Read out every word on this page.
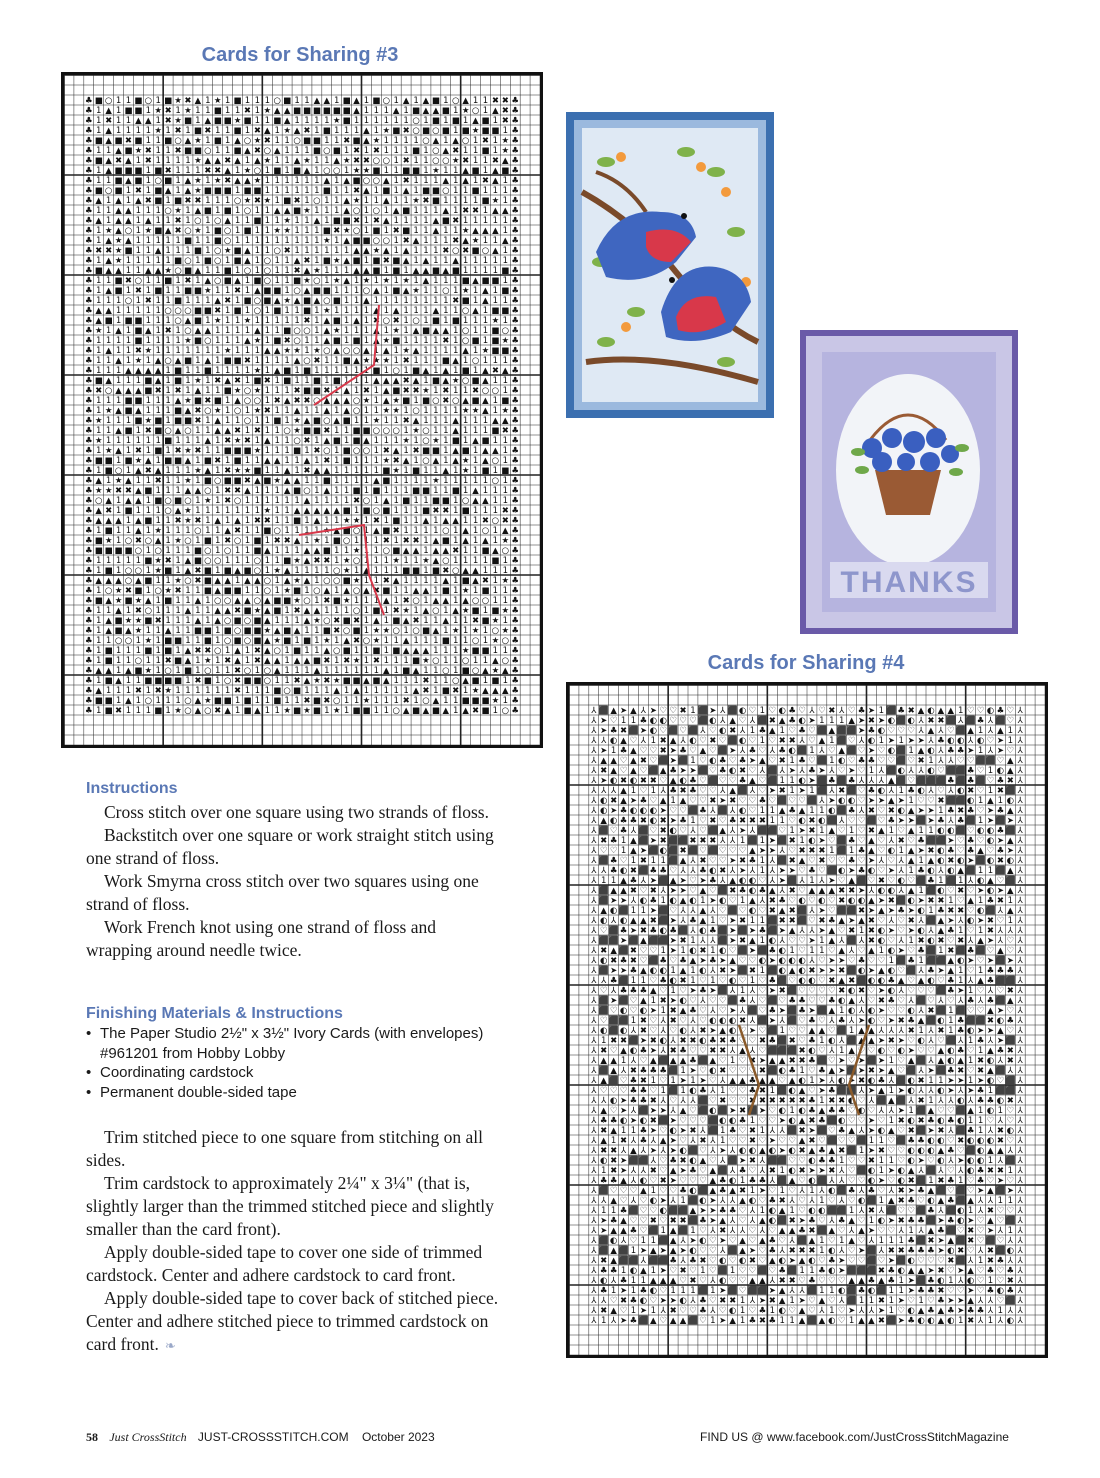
Cards for Sharing #3
♣ ■ ○ 1 1 ■ ○ 1 ■ ★ ✖ ▲ 1 ★ 1 ■ 1 1 1 ○ ■ 1 1 ▲ ▲ 1 ■ ▲ 1 ■ ○ 1 ▲ 1 ▲ ■ 1 ○ ▲ 1 1 ✖ ✖ ♣
♣ 1 ▲ 1 ■ ■ 1 ★ ✖ 1 ★ 1 1 ■ 1 1 ✖ 1 ★ ▲ ▲ ■ ■ ■ ■ ■ ■ ▲ 1 1 1 ▲ 1 ■ ▲ ▲ ■ 1 ★ ○ 1 ▲ ✖ ♣
♣ 1 ✖ 1 1 ▲ ▲ 1 ✖ ★ ■ 1 ▲ ■ ■ ★ ■ 1 1 ■ ▲ 1 1 1 1 ★ ■ 1 1 1 1 1 1 ○ 1 ■ 1 ■ 1 ▲ ■ 1 ✖ ♣
♣ 1 ▲ 1 1 1 1 ★ 1 ✖ 1 ■ ✖ 1 1 ■ 1 ✖ ▲ 1 ★ ▲ ✖ 1 ■ 1 1 1 ▲ 1 ★ ■ ✖ ○ ■ ○ ■ 1 ■ ★ ■ ■ 1 ♣
♣ ■ ▲ ■ ✖ ■ 1 1 ■ ○ ▲ ★ 1 ■ 1 ▲ ○ ★ ✖ 1 1 ○ ■ ■ 1 1 ✖ ■ ▲ ★ 1 1 1 1 ○ ▲ 1 ▲ ○ 1 ✖ 1 ★ ♣
♣ 1 1 ▲ ■ ★ ✖ 1 1 ✖ ■ ■ ○ 1 1 ■ ▲ ✖ ○ ▲ 1 1 1 ■ ○ ■ 1 ✖ 1 ✖ 1 1 1 ■ 1 ○ ▲ ✖ 1 1 ■ 1 ★ ♣
♣ ■ ▲ ✖ ▲ 1 ✖ 1 1 1 1 ★ ▲ ▲ ✖ ▲ 1 ▲ ★ 1 1 ▲ ★ 1 1 ▲ ★ ✖ ✖ ○ ○ 1 ✖ 1 1 ○ ○ ★ ✖ 1 1 ✖ ▲ ♣
♣ 1 ▲ ■ ■ ■ 1 ■ ✖ 1 1 1 ✖ ✖ ▲ 1 ★ ○ 1 ■ 1 ■ ▲ 1 ○ ○ 1 ★ ★ ■ 1 1 ■ ■ 1 ★ 1 1 ▲ ■ 1 ▲ ■ ♣
♣ 1 1 ■ ▲ ■ 1 ○ ■ 1 ▲ ★ 1 ★ ✖ ▲ ▲ ★ 1 1 1 1 1 1 ▲ 1 ▲ ■ ○ ○ ▲ 1 ✖ 1 1 1 ▲ 1 ▲ 1 ✖ ▲ 1 ♣
♣ ■ ○ ■ 1 ✖ 1 ■ ▲ 1 ▲ ★ ■ ■ ■ 1 ■ ■ 1 1 1 1 1 1 ■ 1 1 ✖ ▲ 1 ■ 1 ▲ 1 ■ ■ ○ 1 1 ■ 1 1 1 ♣
♣ ▲ 1 ▲ 1 ▲ ✖ ■ 1 ■ ✖ ✖ 1 1 1 ○ ★ ✖ ★ 1 ■ ✖ 1 ○ 1 1 ▲ ★ 1 1 ▲ 1 1 ★ ✖ ■ 1 1 1 1 ■ ★ 1 ♣
♣ 1 1 ▲ ▲ 1 1 1 ○ ★ 1 ▲ ■ 1 ■ 1 ○ 1 1 ▲ ▲ ■ ★ 1 1 1 ▲ ○ 1 ○ 1 ▲ ■ 1 1 1 ▲ 1 ✖ ✖ 1 ▲ ▲ ♣
♣ ▲ 1 ▲ ▲ 1 ▲ 1 1 ✖ 1 ○ 1 ○ ▲ 1 1 ■ 1 1 ★ 1 1 ▲ 1 ■ ■ ✖ 1 ✖ ▲ 1 1 1 1 ▲ ■ ✖ 1 1 1 1 1 ♣
♣ 1 ★ ▲ ○ 1 ★ ■ ▲ ✖ ○ ★ 1 ■ ○ 1 ■ 1 1 ★ ★ 1 1 1 ■ ✖ ★ ○ 1 ■ 1 ✖ ■ 1 1 ▲ 1 1 ★ ▲ ▲ ▲ 1 ♣
♣ 1 ▲ ★ ▲ 1 1 1 1 1 ■ 1 1 ■ ○ 1 1 1 1 1 1 1 1 1 ★ 1 ▲ ■ ■ ○ ○ 1 ✖ ▲ 1 1 1 ✖ ▲ ★ 1 1 ▲ ♣
♣ ✖ ✖ ★ ■ 1 1 ▲ 1 1 1 ■ 1 ○ ★ ■ ▲ 1 1 ○ ✖ 1 1 1 1 1 1 ▲ ▲ ★ ▲ 1 ▲ 1 1 1 ✖ ○ ✖ ■ ○ ▲ 1 ♣
♣ 1 ▲ ★ 1 1 1 1 1 ■ ○ 1 ■ ○ 1 ■ ▲ 1 ○ 1 1 ▲ ✖ 1 ■ ★ ▲ ■ 1 ■ ✖ ■ ▲ 1 ▲ 1 1 ▲ 1 1 1 1 1 ♣
♣ ■ ▲ ▲ 1 1 ▲ ▲ ★ ○ ■ ▲ 1 1 ■ 1 ○ 1 ○ 1 1 ✖ ▲ ★ 1 1 1 ▲ ▲ ■ 1 ■ 1 ▲ ▲ ■ ▲ ■ 1 1 1 1 ■ ♣
♣ 1 1 ■ ✖ ○ 1 1 ■ 1 ✖ 1 ▲ ○ ■ ▲ 1 ■ ○ 1 1 ■ ★ ○ 1 ★ ▲ 1 ★ 1 ★ 1 ★ 1 ▲ 1 1 1 ■ ▲ ■ ■ 1 ♣
♣ 1 ▲ ■ 1 ✖ 1 ■ 1 1 ■ ■ ★ 1 1 ✖ 1 ▲ ■ ■ 1 ○ ▲ ■ ■ 1 1 1 ○ ▲ 1 ■ ▲ ★ 1 1 ○ 1 ★ 1 ▲ 1 ■ ♣
♣ 1 1 1 ○ 1 ✖ 1 1 ■ 1 1 1 ▲ ✖ 1 ■ ○ ■ ▲ ★ ▲ ■ ▲ ○ ■ 1 1 ▲ 1 1 1 1 1 1 1 1 ✖ ■ 1 ▲ 1 1 ♣
♣ ▲ ▲ 1 1 1 1 1 ○ ○ ○ ■ ■ ✖ 1 ■ 1 ○ 1 ■ 1 1 ■ 1 ★ 1 1 1 1 ▲ 1 ▲ 1 1 1 ▲ 1 1 ○ ▲ 1 ■ ■ ♣
♣ ▲ ■ 1 ■ ■ 1 1 1 ○ ▲ ■ 1 ★ 1 1 ★ 1 1 1 1 1 ✖ 1 ▲ ■ 1 ▲ 1 ✖ ○ ✖ 1 ○ 1 ■ 1 ■ 1 1 1 ★ 1 ♣
♣ ★ 1 ▲ 1 ■ ▲ 1 ✖ 1 ○ ▲ ▲ 1 1 1 1 ▲ 1 1 ■ ○ ○ 1 ▲ ★ 1 1 1 ▲ 1 ★ 1 ▲ ■ ▲ ▲ 1 ○ 1 1 ■ ○ ♣
♣ 1 1 1 1 ■ 1 1 1 1 ★ ■ ○ 1 1 1 ▲ ★ 1 ■ ✖ ○ 1 1 ▲ ■ 1 ■ 1 ▲ ★ ■ 1 1 1 1 ✖ 1 ○ ■ 1 ■ ★ ♣
♣ 1 ▲ 1 1 ✖ ★ 1 1 1 1 1 1 1 ★ 1 1 1 ▲ ▲ ★ ★ 1 ★ ○ ▲ ○ ○ ▲ 1 ▲ 1 ★ ▲ 1 1 1 1 ▲ 1 ★ ■ ■ ♣
♣ 1 1 ▲ 1 ★ 1 ▲ ○ ▲ ■ 1 ▲ 1 ■ ■ ✖ 1 1 1 1 ▲ ○ ✖ 1 1 ■ ▲ ★ ★ ★ 1 ✖ 1 1 1 ■ ▲ 1 ○ 1 1 1 ♣
♣ 1 1 1 ▲ ▲ ▲ ▲ 1 ■ 1 1 ■ 1 1 1 1 ★ 1 ▲ ■ 1 ■ 1 1 1 1 1 1 ■ 1 ○ 1 ■ ▲ 1 ▲ 1 ■ 1 ▲ ✖ ▲ ♣
♣ ■ ▲ 1 1 1 ■ ▲ 1 ■ 1 ★ 1 ✖ ▲ ✖ 1 ■ ✖ 1 ■ 1 1 ■ 1 ■ 1 1 1 ▲ ▲ ▲ ✖ ▲ 1 ■ ▲ ★ ○ ■ ▲ 1 1 ♣
♣ ✖ ○ ▲ ▲ ▲ ■ ✖ 1 ✖ 1 ▲ 1 1 ■ ★ ○ ★ 1 1 1 ✖ ■ ■ ✖ 1 ▲ 1 ✖ 1 ▲ ■ ✖ ✖ ★ 1 ✖ 1 1 ✖ ○ ○ 1 ♣
♣ 1 1 1 ■ ■ 1 1 1 ▲ ★ ■ ✖ ■ 1 ▲ ○ ○ 1 ✖ ▲ ✖ ✖ ○ ▲ ▲ ▲ ○ ★ 1 ▲ ★ ■ 1 ■ ○ ✖ ○ ▲ ■ ▲ 1 ■ ♣
♣ 1 ★ ▲ ■ ▲ 1 1 1 ■ ▲ ✖ ○ ★ 1 ○ 1 ★ ✖ 1 1 ▲ 1 1 ▲ 1 ▲ ○ 1 1 ★ ★ 1 ○ 1 1 1 1 ★ ★ ▲ 1 ★ ♣
♣ ★ 1 1 1 ■ ★ ■ 1 ■ ■ ✖ 1 ▲ 1 1 ○ 1 1 ■ 1 ★ ▲ ■ ○ ▲ ■ 1 1 ★ 1 1 ✖ ▲ 1 1 1 ▲ 1 1 1 ▲ ▲ ♣
♣ 1 1 ▲ ■ 1 ✖ ■ ○ ▲ ○ 1 1 ▲ ▲ ✖ 1 ✖ 1 1 ○ ★ ■ ■ ✖ 1 1 ■ ■ ○ ○ ○ 1 ★ ○ 1 1 ▲ 1 1 1 ■ ✖ ♣
♣ ★ 1 1 1 1 1 1 ■ 1 1 1 ▲ 1 ✖ ★ ✖ 1 ▲ 1 1 ○ ✖ 1 ▲ ■ 1 ■ ▲ 1 1 1 ★ 1 ○ ★ 1 ■ 1 ▲ ■ 1 1 ♣
♣ 1 ★ ▲ 1 ✖ 1 ■ 1 ✖ ★ ✖ 1 1 ■ ■ ■ ★ 1 1 1 ■ 1 ✖ ○ 1 ■ ○ ○ 1 ✖ ▲ 1 ✖ ■ ■ 1 ▲ ■ 1 ▲ ▲ 1 ♣
♣ ■ ■ 1 ■ ★ ▲ 1 ■ ■ ▲ 1 ■ ✖ 1 ■ 1 1 ▲ ▲ 1 1 ▲ 1 ✖ 1 ■ 1 1 1 ★ ✖ ▲ 1 ○ ▲ 1 ▲ ★ 1 ▲ ○ 1 ♣
♣ 1 ■ ○ 1 ▲ ✖ ▲ 1 1 1 ★ ▲ 1 ✖ ★ ★ ■ 1 1 ▲ 1 ✖ ▲ ▲ 1 1 1 1 1 ■ ★ 1 ■ 1 1 ▲ 1 ★ 1 ■ 1 ■ ♣
♣ ▲ 1 ★ ▲ 1 1 ✖ 1 1 ★ 1 ■ ○ ■ ■ ✖ ▲ ■ ★ ▲ ▲ 1 1 ■ 1 1 1 1 ▲ ■ 1 1 1 1 ★ 1 1 1 1 1 ○ 1 ♣
♣ ★ ★ ✖ ✖ ▲ ■ 1 1 1 ▲ ▲ ○ 1 ✖ ✖ ▲ 1 1 1 ▲ ■ ○ 1 ▲ 1 1 ■ 1 ■ 1 1 1 ■ ■ 1 1 ■ 1 ▲ 1 1 1 ♣
♣ ○ ▲ 1 ▲ ▲ 1 ■ ○ ■ ○ 1 ★ 1 ✖ ○ 1 1 1 1 1 1 ▲ 1 1 1 1 ✖ ○ 1 ▲ 1 ■ 1 1 ■ ■ 1 ○ ▲ ▲ 1 1 ♣
♣ ▲ ✖ 1 ■ 1 1 1 ○ ▲ ★ 1 1 1 1 1 1 1 ★ 1 1 ▲ ▲ ▲ ▲ ▲ ■ 1 ■ ○ ■ 1 1 1 ■ ✖ ✖ 1 ■ 1 1 1 ✖ ♣
♣ ▲ ▲ ▲ 1 ▲ ■ 1 1 ✖ ★ ✖ 1 ▲ 1 ▲ 1 ✖ ✖ 1 1 ■ 1 ▲ 1 1 ★ ★ 1 ✖ 1 ■ 1 1 ▲ 1 ▲ ▲ 1 1 ✖ ○ ✖ ♣
♣ 1 ■ 1 1 ▲ 1 ★ 1 1 1 ○ 1 1 ▲ ✖ 1 1 ■ ○ 1 1 1 1 ★ ▲ ■ ○ 1 ▲ ■ ✖ 1 1 1 1 ○ 1 ▲ 1 ○ 1 ▲ ♣
♣ ■ ★ 1 ○ ✖ ○ ▲ 1 ★ ○ 1 ■ 1 ✖ ○ 1 ■ 1 ✖ ✖ ▲ 1 ★ 1 ■ ○ 1 1 1 ✖ 1 ✖ ✖ 1 ▲ ■ 1 ▲ 1 ▲ 1 ★ ♣
♣ ■ ■ ■ ■ ○ 1 ○ 1 1 1 ■ ○ 1 ○ 1 1 ■ ▲ 1 1 1 ▲ ▲ ■ 1 1 ★ 1 1 ○ ■ ▲ ▲ 1 ▲ ▲ ✖ 1 1 ■ ▲ ○ ♣
♣ 1 1 1 1 1 ■ ★ ✖ 1 ▲ ■ ○ ○ 1 1 1 ○ 1 1 ■ ★ ▲ ✖ ✖ 1 ★ ○ 1 1 1 ★ 1 1 ★ ▲ ○ 1 1 1 1 ■ 1 ♣
♣ 1 ■ 1 ○ ○ 1 ★ ■ 1 ▲ ✖ ■ 1 ■ ▲ ■ ○ 1 ★ ▲ 1 1 1 1 ○ ★ 1 ▲ 1 1 1 ■ ■ 1 ■ ✖ ○ ▲ ▲ 1 1 1 ♣
♣ ▲ ▲ ▲ ○ ▲ ■ 1 1 ★ ○ ✖ ■ ▲ ▲ 1 ▲ ▲ ○ 1 ▲ ★ ▲ 1 ○ ○ ■ ★ 1 1 ✖ ▲ 1 1 1 1 ▲ 1 ■ ▲ ✖ 1 ★ ♣
♣ 1 ○ ★ ✖ ■ 1 ○ ★ ✖ 1 1 ■ ▲ ■ ■ 1 1 ○ 1 ★ ■ 1 ○ ▲ 1 ▲ ○ ▲ ✖ ■ 1 1 ▲ ▲ 1 ■ 1 ★ 1 ■ 1 1 ♣
♣ ■ ▲ ★ ■ ★ ▲ 1 ■ 1 1 ▲ 1 ○ ○ ▲ ▲ ○ ▲ ■ ■ ★ ○ 1 ✖ ■ ★ 1 1 1 ▲ 1 ✖ ○ 1 ▲ ▲ 1 ▲ ○ ○ 1 1 ♣
♣ 1 1 ▲ 1 ✖ ○ 1 1 1 ▲ 1 1 ▲ ▲ ✖ ■ ★ ▲ ■ 1 ✖ ▲ ▲ 1 1 1 ○ 1 ■ 1 ✖ ★ 1 ▲ ○ 1 ▲ ★ ■ 1 ■ ★ ♣
♣ 1 ▲ ■ ★ ★ ■ ✖ 1 1 1 ▲ 1 ▲ ○ ■ ○ ■ ▲ 1 1 1 ▲ ★ ○ ✖ ■ ✖ 1 ▲ 1 ■ ▲ ✖ 1 1 ▲ 1 1 ✖ ■ ★ 1 ♣
♣ 1 ▲ ■ ▲ ★ 1 1 ▲ 1 1 ■ ■ 1 ■ ○ ■ ■ ★ ▲ ■ ▲ 1 1 ■ ✖ ○ ■ 1 ★ ★ ○ 1 ○ ■ ▲ 1 ★ 1 ★ 1 ○ ★ ♣
♣ 1 1 ○ ○ 1 ★ 1 ■ ■ 1 1 ■ 1 ○ ■ ○ ■ ▲ ★ ■ 1 ■ 1 ★ 1 ▲ ✖ ○ ★ 1 1 ▲ 1 1 1 ■ 1 1 ○ 1 ★ ○ ♣
♣ 1 ■ 1 1 1 ■ 1 ■ 1 ▲ ✖ ✖ ○ 1 ▲ 1 ✖ ▲ ○ 1 ■ 1 1 ▲ ○ ■ 1 1 ■ 1 ■ ▲ ▲ ▲ 1 1 1 ★ ■ ■ 1 1 ♣
♣ 1 ■ 1 1 ○ 1 1 ✖ ■ ▲ 1 ★ 1 ✖ ▲ 1 ✖ ▲ ▲ 1 ▲ ▲ ■ ✖ 1 ✖ ★ 1 ✖ 1 1 1 ■ ★ ○ 1 1 ○ 1 1 ▲ ○ ♣
♣ ▲ ▲ 1 ▲ ■ ★ 1 ○ 1 ■ 1 ○ 1 1 ✖ ○ 1 ○ ▲ 1 1 1 ▲ 1 1 1 1 1 1 ▲ 1 ■ ▲ 1 1 ○ 1 ■ ○ ▲ ★ ▲ ♣
♣ 1 ■ ▲ 1 1 ■ ■ ■ ■ 1 ✖ ■ 1 ○ ✖ ■ ■ ○ 1 1 ✖ ▲ ★ ✖ ★ ■ ■ ▲ ■ ▲ 1 1 1 ✖ 1 1 ○ ▲ ■ 1 ■ 1 ♣
♣ ▲ 1 1 1 ✖ 1 ✖ ★ 1 1 1 1 1 1 ✖ 1 1 1 ■ ○ ■ 1 1 1 ▲ 1 ▲ 1 1 1 1 1 ▲ ✖ 1 ■ ✖ 1 ★ ▲ ▲ ▲ ♣
♣ ■ ■ 1 ▲ 1 ○ 1 1 1 ○ ▲ ★ ■ ■ 1 ■ 1 1 ■ 1 1 ✖ ■ ✖ ○ 1 1 ★ 1 1 1 ✖ 1 ○ ▲ 1 1 ■ ■ ■ ★ 1 ♣
♣ 1 ■ ✖ 1 1 1 ■ 1 ★ ○ ▲ ○ ✖ ▲ 1 ■ ▲ 1 1 ★ ■ ★ ■ 1 ★ 1 ■ ■ 1 1 ○ ▲ ■ ▲ ■ ▲ 1 ▲ ✖ ■ 1 ○ ♣
THANKS
Cards for Sharing #4
⅄ ⬛ ▲ ➤ ▲ ⅄ ➤ ♡ ♡ ✖ 1 ⬛ ➤ ⅄ ⬛ ◐ ♡ 1 ♡ ◐ ♣ ♡ ⅄ ♡ ✖ ⅄ ♡ ♣ ➤ 1 ⬛ ♣ ✖ ▲ ◐ ▲ ▲ 1 ♡ ♡ ◐ ♣ ♡ ⅄
⅄ ➤ ♡ 1 1 ♣ ◐ ◐ ♡ ♡ ♡ ⬛ ◐ ⅄ ▲ ♡ ⅄ ⬛ ✖ ▲ ♣ ◐ ➤ 1 1 1 ▲ ➤ ✖ ➤ ◐ ⬛ ◐ ⅄ ✖ ✖ ⬛ ⅄ ⬛ ♣ ⅄ ⬛ ♡ ⅄
⅄ ➤ ♣ ✖ ⬛ ➤ ◐ ♡ ⬛ ♡ ⬛ ⅄ ♡ ◐ ✖ ⅄ 1 ♣ ▲ 1 ♡ ♣ ♡ ⬛ ▲ ⬛ ⬛ ➤ ♣ ◐ ♡ ♡ ♡ ⅄ ▲ ⅄ ♡ ⬛ ▲ 1 ⅄ ▲ 1 ⅄
⅄ ⅄ ◐ ▲ ♡ ⅄ 1 ✖ ▲ ⅄ ◐ ♡ ✖ ♡ ⬛ ◐ ♡ 1 ♡ ✖ ✖ ⅄ ♡ ▲ 1 ⬛ ♡ ⅄ ◐ 1 ➤ 1 ➤ ➤ ⅄ ♣ ◐ ◐ ⅄ ◐ ♡ ➤ 1 ⅄
⅄ ➤ 1 ♣ ▲ ♡ ♡ ✖ ➤ ♣ ♡ ▲ ♡ ⬛ ➤ ⅄ ♣ ♡ ⅄ ♣ ◐ ⬛ 1 ⅄ ♡ ▲ ⬛ ♡ ➤ ♡ ◐ ⬛ 1 ▲ ◐ ⅄ ♣ ♣ ➤ 1 ⅄ ➤ ♡ ⅄
⅄ ▲ ▲ ♡ ▲ ✖ ♡ ⬛ ➤ ⬛ 1 ♡ ◐ ♣ ♡ ♣ ➤ ▲ ♡ ✖ 1 ♣ ♡ ⬛ 1 ◐ ♡ ♣ ♣ ♡ ♡ ⬛ ♡ ✖ 1 ⅄ ⅄ ♡ ♡ ⬛ ⬛ ♡ ▲ ⅄
⅄ ✖ ▲ ♡ ▲ ♡ ⬛ ▲ ♣ ➤ ➤ ⬛ ♡ ♣ ◐ ✖ ♡ ⅄ ⬛ ⅄ ➤ ⅄ ♣ ➤ ⅄ ♡ ➤ ♡ 1 ⅄ ⬛ ◐ ⅄ ⅄ ◐ ♡ ⬛ ⬛ ♣ ♡ 1 ◐ ▲ ⅄
⅄ ➤ ◐ ✖ ◐ ✖ ✖ ♡ ▲ ◐ ♣ ♡ ⬛ ♡ ♡ ♣ ▲ ♡ ⬛ 1 1 ◐ ➤ ⬛ ♣ ⬛ ♣ ⅄ ⅄ ⅄ ▲ ⬛ ♡ ⬛ ⬛ ⬛ ♣ ⬛ ♣ ⬛ ♡ ♣ ✖ ⅄
⅄ ⅄ ⅄ ▲ 1 ♡ 1 ⅄ ♣ ✖ ♣ ♡ ♡ ⅄ ▲ ⬛ ⅄ ♡ ➤ ✖ 1 ➤ 1 ⬛ ⅄ ✖ ⬛ ♡ ♣ ◐ ⅄ 1 ♣ ◐ ⅄ ♡ ⅄ ◐ ✖ ♡ 1 ✖ ⬛ ⅄
⅄ ◐ ✖ ▲ ➤ ♣ ♡ ▲ 1 ▲ ♡ ♡ ✖ ➤ ✖ ♡ ♡ ♣ ♡ ⬛ ♡ ♡ ⬛ ⅄ ➤ ◐ ◐ ♡ ➤ ➤ ▲ ➤ 1 ♡ ♡ ✖ ⬛ ⬛ ◐ 1 ▲ 1 ◐ ⅄
⅄ ◐ ➤ ♣ ◐ ◐ ◐ ➤ ♡ ♡ ⬛ ♣ ⅄ ⬛ ⅄ ◐ ♡ 1 1 ▲ ♣ ▲ 1 1 ◐ ⬛ ♣ ⅄ ✖ ♡ ✖ ◐ ▲ ➤ ➤ 1 ♣ ✖ ♣ ♡ ➤ ♣ ▲ ⅄
⅄ ▲ ◐ ♣ ♣ ✖ ◐ ✖ ➤ ♣ 1 ♡ ✖ ♡ ♣ ✖ ✖ ✖ 1 1 ♡ ◐ ✖ ◐ ⬛ ⅄ ♡ ♡ ⬛ ♡ ♣ ➤ ➤ ⬛ ➤ ♣ ⅄ ♣ ⬛ 1 ➤ ⬛ ➤ ⅄
⅄ ⬛ ♡ ♣ ⅄ ⬛ ♡ ✖ ◐ ♡ ⅄ ♡ ⬛ ▲ ⅄ ➤ ⅄ ⬛ ⬛ ♡ 1 ➤ ✖ 1 ▲ ♡ 1 ♡ ✖ ▲ 1 ♡ ▲ 1 1 ◐ ◐ ⬛ ♡ ◐ ◐ ♣ ⬛ ⅄
⅄ ✖ ♣ 1 ▲ ⬛ ➤ ✖ ⬛ ⬛ ✖ ✖ ✖ ⅄ ⅄ 1 ⬛ 1 ➤ ⬛ ✖ 1 ◐ ➤ ♡ ⬛ ♣ ♡ ▲ ♡ ⅄ ✖ ♡ ♣ ⬛ ⬛ ➤ ♡ ♣ ♡ ◐ ➤ ▲ ⅄
⅄ ♡ ♡ 1 ▲ ➤ ⬛ ◐ ⬛ ✖ ⬛ ♡ ⬛ ♡ ♡ ♡ ▲ ➤ ➤ ⅄ ♡ ✖ ✖ ✖ 1 ⬛ 1 ♣ ▲ ♡ ◐ 1 ▲ ➤ ✖ ◐ ♣ ♡ ♣ ▲ ♡ ♣ ➤ ⅄
⅄ ⬛ ♣ ♡ 1 ✖ 1 1 ⬛ ▲ ⅄ ✖ ♡ ♡ ➤ ✖ ♣ 1 ⅄ ⬛ ✖ ▲ ♡ ✖ ♡ ♡ ♣ ♡ ➤ ⅄ ♡ ⅄ ▲ 1 ▲ ◐ ✖ ◐ ➤ ⬛ ◐ ✖ ◐ ⅄
⅄ ⅄ ♣ ◐ ✖ ⬛ ♣ ♣ ♡ ⅄ ⅄ ♣ ◐ ✖ ⅄ ➤ ⅄ 1 ⅄ ➤ ➤ ♡ ♣ ♡ ⬛ ◐ ➤ ♣ ◐ ♡ ➤ ⅄ 1 ♣ ◐ ⅄ ◐ ▲ ⬛ 1 1 ⬛ ▲ ⅄
⅄ 1 1 ▲ ♣ ⅄ ➤ ⬛ ▲ ➤ ♡ ➤ ♣ ⅄ ▲ ◐ ◐ ♡ ⅄ ➤ ⬛ ⅄ 1 ⅄ ➤ ♡ ▲ ⬛ ♡ ✖ ♡ ◐ ♡ ⬛ ♣ 1 ⬛ 1 ⅄ ◐ ▲ ♡ ⬛ ⅄
⅄ ⬛ ▲ ▲ ✖ ♡ ✖ ⅄ ➤ ➤ ♡ ▲ ♡ ⬛ ✖ ♣ ◐ ♣ ▲ ⅄ ✖ ♡ ▲ ▲ ▲ ✖ ✖ ➤ ⅄ ◐ ◐ ⅄ ▲ 1 ⬛ ◐ ♡ ✖ ♡ ➤ ◐ ➤ ▲ ⅄
⅄ ⬛ ➤ ➤ ⅄ ◐ ♣ 1 ◐ ▲ ◐ 1 ➤ ◐ ♡ 1 ▲ ⅄ ✖ ♣ ♡ ◐ ♡ ◐ ♡ ✖ ◐ ◐ ▲ ➤ ✖ ⬛ ◐ ➤ ✖ ✖ 1 ♡ ▲ 1 ♣ ✖ 1 ⅄
⅄ ▲ ◐ ⬛ 1 1 ➤ ⬛ ♡ ⅄ ⅄ ▲ ⅄ ♡ ⬛ ♡ ◐ ♡ ✖ ▲ ✖ ⬛ ⅄ ➤ ♡ ⬛ ⬛ ✖ ➤ ▲ ➤ ♣ ➤ ◐ 1 ♣ ✖ ✖ ♡ ◐ ⬛ ⅄ ▲ ⅄
⅄ ◐ ⅄ ◐ ▲ ▲ ✖ ⬛ ➤ ⅄ ♣ ▲ 1 ♡ ➤ ✖ 1 1 ⬛ ✖ ✖ ⬛ ♡ ✖ ♣ ▲ ➤ ▲ ✖ ♡ ⅄ ♡ ✖ ⅄ ⬛ ▲ ➤ ⅄ ◐ ➤ ✖ ♡ 1 ⅄
⅄ ♡ ⬛ ♣ ➤ ✖ ♣ ◐ ♣ ⬛ ⅄ ◐ ♣ ⬛ ➤ ⬛ ➤ ♣ ⬛ ➤ ▲ ⅄ ⅄ ➤ ▲ ♡ ✖ 1 ✖ ◐ ➤ ♡ ➤ ◐ ⅄ ▲ ♣ 1 ♡ 1 ✖ ⅄ ⅄ ⅄
⅄ ⬛ ⬛ ➤ ⬛ ▲ ⬛ ⬛ ➤ ✖ 1 ⅄ ⅄ ⬛ ➤ ✖ ▲ 1 ◐ ⅄ ♡ ♡ ➤ 1 ▲ ⅄ ⬛ ⅄ ✖ ◐ ♡ ⅄ 1 ✖ ◐ ✖ ♡ ✖ ⅄ ▲ ➤ ⅄ ♡ ⅄
⅄ ✖ ▲ ⬛ ✖ ♡ ♡ 1 ➤ 1 ◐ ✖ 1 ◐ ♡ ⬛ ➤ ⬛ ♣ ◐ 1 ♡ 1 1 ♡ ▲ ⅄ ♡ ▲ 1 ◐ ➤ ♡ ♣ ⬛ 1 ✖ ⬛ ♣ ⬛ ♡ ▲ ♡ ⅄
⅄ ◐ ✖ ♣ ✖ ♡ ⬛ ♣ ♡ ♣ ▲ ➤ ♣ ➤ ▲ ♡ ♡ ◐ ➤ ◐ ◐ ◐ ⅄ ♡ ➤ ➤ ♡ ♣ ♡ ♡ 1 ⬛ ♣ 1 ⬛ ⬛ ▲ ◐ ➤ ♡ ➤ ⬛ ➤ ⅄
⅄ ⬛ ➤ ➤ ♣ ▲ ◐ ◐ 1 ▲ 1 ◐ ⅄ ✖ ➤ ⬛ ✖ 1 ⬛ ◐ ▲ ◐ ✖ ➤ ➤ ✖ ⬛ ◐ ➤ ▲ ◐ ♡ ⬛ ⅄ ♣ ➤ ▲ 1 ♡ 1 ♣ ♣ ♣ ⅄
⅄ ⅄ ♣ ⬛ 1 1 ♡ ♣ ◐ ✖ 1 ♡ 1 ♡ ◐ ♡ 1 ♡ ♣ ⬛ ♡ ◐ ◐ ♡ ✖ ▲ ✖ ⬛ ◐ ◐ ♣ ▲ ♡ ▲ ◐ ♡ ♣ 1 ⅄ ▲ ♣ ⬛ ⬛ ⅄
⅄ ♡ ⅄ ♣ ♣ ♣ ▲ ♡ 1 ♡ ➤ ♣ ➤ ⬛ ⅄ 1 ⅄ ♡ ➤ ✖ ⬛ ♡ ♡ ♡ ♡ ✖ ◐ ✖ ♡ ➤ ◐ ⅄ ♡ ♡ ♡ ⬛ ♣ ➤ 1 ♡ ⅄ ♡ ✖ ⅄
⅄ ⬛ ➤ ⬛ ♡ ▲ 1 ✖ ➤ ◐ ♡ ⅄ ♡ ♡ ⬛ ♣ ⅄ ♡ ⬛ ♡ ♣ ♣ ♡ ♡ ♣ ◐ ▲ ⅄ ♡ ✖ ♣ ♡ ⅄ ⬛ ♡ ⅄ ♡ ⅄ ♣ ⅄ ♣ ⬛ ▲ ⅄
⅄ ⬛ ♡ ◐ ♡ ◐ ➤ 1 ✖ ▲ ♣ ♡ ⅄ ♡ ➤ ⅄ ⬛ ♡ ♣ ➤ ⬛ ♣ ➤ ⬛ ▲ 1 ◐ ⅄ ◐ ➤ ♡ ♡ ◐ ⅄ ✖ ⬛ 1 ⬛ ♡ ♡ ▲ ➤ ♡ ⅄
⅄ ♡ ⬛ ⬛ 1 ✖ ♡ ⅄ ✖ ♡ ⅄ ♡ ◐ ◐ ◐ ✖ ⅄ ⬛ ➤ ⅄ ⬛ ♡ ♣ ♡ ⅄ ♣ ⅄ ➤ ◐ ♡ ➤ ✖ ♣ ▲ ⬛ ◐ 1 ♣ ⬛ ⬛ ✖ ◐ ♣ ⅄
⅄ ◐ ⬛ ◐ ⅄ ✖ ♡ ⅄ ♡ ◐ ⅄ ✖ ➤ ▲ ◐ ♡ ➤ ♡ ⬛ 1 ♡ ♡ ▲ ▲ ♡ ⬛ 1 ▲ ▲ ⅄ ⅄ ⅄ ✖ 1 ⅄ ✖ 1 ♣ ◐ ➤ ➤ ▲ ♡ ⅄
⅄ 1 ✖ ✖ ⬛ ➤ ✖ ◐ ⅄ ✖ ✖ ◐ ♣ ✖ ♣ ♡ ♡ ✖ ♣ ⬛ ✖ ♡ ♣ 1 ◐ ⅄ ⬛ ▲ ▲ ➤ ✖ ➤ ♡ ◐ ⅄ ♡ ⬛ ⅄ 1 ♣ ⅄ ➤ ⬛ ⅄
⅄ ✖ ♡ ▲ ◐ ♣ ➤ ⅄ ✖ ♣ ♡ ♡ ✖ ✖ ⅄ ▲ ⅄ ♡ ⬛ ⬛ ⬛ ✖ ◐ ♡ ⅄ 1 ▲ ♡ ♡ ◐ ♡ ◐ ➤ ♡ ♡ ▲ ◐ ♣ ♡ 1 ▲ ♣ ✖ ⅄
⅄ ▲ ▲ 1 ⅄ ♡ ▲ ⬛ ▲ ▲ ♣ ⬛ ▲ ♡ 1 ♡ ✖ ➤ ▲ ▲ ✖ ✖ ♣ ⬛ ♡ ➤ ♡ ➤ ⬛ ➤ 1 ♡ ▲ ⬛ ⅄ ▲ ◐ ▲ 1 ✖ ◐ ⅄ ✖ ⅄
⅄ ⬛ ▲ ⅄ ✖ ♣ ♣ ♣ ⬛ 1 ➤ ♡ ◐ ✖ ♡ ♡ ♡ ✖ ⬛ ◐ ♣ 1 ♡ ♣ ▲ ➤ ⬛ ➤ ✖ ➤ ▲ ♡ ⬛ ⅄ ➤ ⬛ ♣ ✖ ♡ ✖ ▲ ⬛ ⅄ ⅄
⅄ ▲ ⬛ ♡ ♣ ✖ 1 ♡ 1 ➤ 1 ➤ ♡ ⅄ ▲ ▲ ♣ ▲ ▲ ♡ ▲ ◐ 1 ➤ ⅄ ◐ ➤ ✖ ◐ ♣ ⅄ ⬛ ◐ ✖ 1 1 ➤ ➤ 1 ➤ ◐ ♡ ⬛ ⅄
⅄ ♡ ♡ ♡ ♣ ♣ ♡ 1 ⬛ 1 ◐ ♣ ⅄ 1 ♡ ♡ ♣ ✖ 1 ⬛ ◐ ▲ ♡ ➤ ♣ ⬛ ⬛ ⅄ ➤ ▲ 1 ➤ ◐ ⅄ ⅄ ◐ ➤ ⅄ ➤ ♣ 1 ⬛ ⬛ ⅄
⅄ ⅄ ◐ ➤ ♣ ♣ ✖ ⅄ ♡ ⅄ ⅄ ⬛ ♡ ✖ ♡ ♡ ✖ ✖ ✖ ✖ ✖ ✖ ♣ 1 ✖ ✖ ◐ ♡ ⅄ ⬛ ▲ ⬛ ⅄ ✖ 1 ⅄ ⅄ ◐ ⅄ ♣ ♣ ◐ ✖ ⅄
⅄ ▲ ♡ ➤ ⅄ ⬛ ➤ ➤ ⅄ ▲ ♡ ⬛ ◐ ⬛ ➤ ✖ ⬛ ➤ ♡ ◐ 1 ◐ ♣ ▲ ♣ ♣ ♡ ◐ ♡ ⅄ ⅄ ➤ 1 ⬛ ▲ ♡ ♡ ⬛ ▲ 1 ◐ 1 ♡ ⅄
⅄ ♣ ♣ ◐ ➤ ◐ ✖ ⬛ ➤ ♡ ♡ ♡ ⬛ ◐ ◐ ♣ 1 ♡ ♡ ➤ ◐ ▲ ✖ ♣ ⬛ ◐ ♡ ♡ ➤ ♡ 1 ✖ ◐ ✖ ♣ ◐ ♣ ◐ 1 1 ♡ ⅄ ♡ ⅄
⅄ ✖ ▲ 1 1 ♣ ➤ ♡ ◐ ➤ ✖ ⅄ ⬛ 1 ♣ ♡ ✖ 1 ⅄ ⅄ ⬛ ✖ ➤ ⬛ ♡ ♣ ▲ ⅄ ➤ ◐ ▲ ♡ ✖ ⬛ ➤ ✖ ⅄ ⬛ ♣ 1 ⅄ ✖ ◐ ⅄
⅄ ▲ 1 ✖ ⅄ ♣ ⅄ ▲ ➤ ♡ ⅄ ✖ ⅄ 1 ♡ ♡ ✖ ♡ ➤ ♡ ♡ ▲ ✖ ♡ ⬛ ♡ ♡ ⬛ 1 1 ♡ ⬛ ♣ ♣ ◐ ◐ ♡ ✖ ◐ ◐ ◐ ✖ ♡ ⅄
⅄ ✖ ✖ ⅄ ▲ ⅄ ➤ ⅄ ➤ ◐ ⬛ ♡ ⅄ ➤ ⅄ ◐ ◐ ▲ ◐ ➤ ◐ ✖ ▲ ♣ ▲ ✖ ⬛ 1 ➤ ✖ ♡ ♡ ◐ ◐ ◐ ▲ ♣ ♡ ⬛ ◐ ▲ ▲ ⅄ ⅄
⅄ ◐ ✖ ➤ ⬛ ⬛ ⅄ ♡ ♣ ✖ ◐ ▲ ♡ ⅄ ⬛ ➤ ✖ ⅄ ⬛ ⬛ ♡ ♡ ◐ ♣ ♣ 1 ♡ ♡ ✖ 1 1 ♡ ◐ ➤ ♡ ◐ ⅄ ➤ ◐ ◐ 1 ⅄ ⬛ ⅄
⅄ 1 ✖ ➤ ⅄ ⅄ ✖ ♡ ▲ ➤ ♣ ♡ ▲ ⬛ ⅄ ♣ ♡ ⅄ ✖ 1 ◐ ✖ ➤ ➤ ✖ ⅄ ♡ ⬛ ◐ 1 ➤ ◐ ▲ ⅄ ⬛ ⅄ ♡ ⅄ ◐ ♣ ✖ ✖ 1 ⅄
⅄ ♣ ♣ ▲ ⅄ ◐ ♡ ✖ ➤ ♡ ♡ ♡ ▲ ♣ ◐ 1 ♣ ♣ ⅄ ⬛ ▲ ♡ ◐ ⬛ ⅄ ⅄ ♡ ♡ ◐ ➤ ♡ ◐ ✖ ⬛ 1 ✖ ♣ 1 ♡ ♣ ♡ ➤ ♡ ⅄
⅄ ⬛ ♡ ♡ ♡ ▲ 1 ♡ ♡ ♣ ◐ ⬛ ▲ ♣ ▲ ✖ 1 ➤ ♡ 1 ♡ ⅄ 1 ⅄ ◐ ⬛ ♣ ⅄ ♣ ♡ ⅄ ✖ ➤ ♣ ▲ ⬛ ♡ ⬛ ♡ ➤ ▲ ⬛ ➤ ⅄
⅄ ⅄ ▲ ♡ ⅄ ♡ ◐ ➤ ⅄ 1 ⬛ ◐ ➤ ⅄ ⅄ ▲ ◐ ♡ ♣ ✖ ⅄ ♡ ⅄ 1 ♡ ⅄ ♡ ◐ ⬛ 1 ▲ ✖ ♣ ♡ ◐ ▲ ♣ ⬛ ▲ ⅄ ⅄ 1 1 ⅄
⅄ 1 1 ♣ ⬛ ♡ ♡ ◐ ⬛ ⬛ ▲ ➤ ➤ ♣ ♣ ♡ ⅄ 1 ◐ ▲ 1 ♡ ◐ ◐ ⬛ ⬛ 1 ⅄ ✖ ⅄ ⬛ ♡ ♡ ⬛ ♣ ⅄ ⬛ ◐ 1 ⅄ ✖ ♡ ♡ ⅄
⅄ ➤ ♣ ▲ ♡ ♡ ✖ ♡ ✖ ✖ ⬛ ♣ ➤ ▲ ⅄ ♡ ⅄ ▲ ◐ ⬛ ✖ ➤ ♣ ♡ ⅄ ♣ ▲ ♡ 1 ◐ ➤ ✖ ♣ ♣ ⬛ ➤ ♣ ◐ ➤ ♡ ▲ ♡ ⬛ ⅄
⅄ ➤ ▲ ▲ ♣ ♡ ⬛ 1 ▲ ⬛ 1 ♡ ⅄ ✖ ⅄ ⅄ ♡ ⅄ ♡ ▲ ▲ ♣ ✖ ⬛ ▲ ♡ ⅄ ▲ ➤ ♡ ♡ ⅄ 1 ⅄ ▲ ♣ ⬛ ♡ ✖ ♡ ➤ ⅄ 1 ⅄
⅄ ⬛ ◐ ⅄ ♡ 1 1 ⬛ ▲ ⅄ ➤ ◐ ♡ ➤ ♡ ▲ ♡ ▲ ♣ ♡ ⅄ ⬛ ▲ 1 ♡ 1 ▲ ♡ ⅄ 1 1 1 ♣ ⬛ ✖ ➤ ▲ ⬛ ✖ ♡ ⬛ ♡ ⅄ ⅄
⅄ ⬛ ▲ ⬛ 1 ➤ ▲ ➤ ▲ ➤ ◐ ♡ ♡ ⅄ ⬛ ▲ ➤ ♡ ♣ ⅄ ✖ ✖ ✖ 1 ◐ ⅄ ♡ ➤ ⬛ ⅄ ✖ ✖ ♣ ♣ ♣ ➤ ◐ ✖ ♡ ⅄ ✖ ⬛ ◐ ⅄
⅄ ✖ ▲ ⬛ ⬛ ⅄ ⬛ ⬛ ♣ ⅄ ♣ ✖ ♡ ◐ ♡ ◐ ✖ ♡ ▲ ◐ ➤ ▲ ◐ ♡ ♣ ➤ ♡ ♡ ⬛ ♡ ➤ ⬛ ◐ ♡ ♡ ♡ ✖ ⬛ ⅄ 1 ✖ ♣ ⅄ ⅄
⅄ ♣ ♣ 1 ◐ ▲ 1 ➤ ♡ ✖ ♡ 1 ♡ ⬛ 1 ♡ ♡ ⬛ ♡ ♣ ⬛ 1 1 ♣ ◐ ➤ ⬛ ⬛ ⬛ ✖ ♣ ◐ ▲ ▲ ➤ ✖ ♡ ➤ ▲ ♡ ♣ ♡ ♣ ⅄
⅄ ◐ ⅄ ♣ 1 1 ▲ ▲ ▲ ♡ ✖ ♡ ⅄ ◐ ♡ ♡ ▲ ▲ ⅄ ✖ ✖ ♡ ♣ ♡ ♡ ♡ ▲ ▲ ♣ ▲ ♣ 1 ➤ ⬛ ♣ ◐ 1 ⅄ ◐ ♡ 1 ♡ ✖ ⅄
⅄ ♣ 1 ➤ 1 ♣ ◐ ♡ 1 1 1 ⬛ 1 ➤ ⬛ ♡ ⬛ ⬛ ➤ ▲ ⅄ ⅄ ⬛ 1 1 ◐ ⬛ ♣ ◐ ⬛ 1 1 ➤ ♣ ♣ ✖ ♡ ♡ ➤ ♡ ♣ ◐ ♣ ⅄
⅄ ⅄ ♡ ✖ ♣ ◐ ♡ ➤ ➤ ◐ ⅄ ♣ ♡ ✖ ✖ 1 ⅄ ➤ ✖ ▲ 1 ➤ ♡ ▲ ♡ ⅄ ⬛ 1 1 ✖ 1 ➤ ♡ 1 ♡ ♣ ➤ ➤ ▲ ⅄ ⅄ ♡ ⬛ ⅄
⅄ ✖ ▲ ♡ 1 ➤ 1 ⅄ ✖ ♡ ♡ ♣ ⅄ ♡ ◐ 1 ♡ ♣ 1 ◐ ♡ ▲ ♡ ⅄ 1 ♡ ➤ ⅄ ⅄ ➤ 1 ♡ ◐ ▲ ♣ ▲ ♣ ➤ ♣ ♣ ⅄ 1 ⅄ ⅄
⅄ 1 ⅄ ➤ ♣ ⬛ ▲ ♡ ▲ ▲ ⬛ ♡ 1 ➤ ▲ 1 ♣ ✖ ♣ 1 1 ▲ ⬛ ▲ ◐ ♡ 1 ▲ ▲ ✖ ⬛ ➤ ♣ ◐ ◐ ▲ ◐ 1 ✖ ⅄ 1 ⅄ ◐ ⅄
Instructions

Cross stitch over one square using two strands of floss.

Backstitch over one square or work straight stitch using one strand of floss.

Work Smyrna cross stitch over two squares using one strand of floss.

Work French knot using one strand of floss and wrapping around needle twice.

Finishing Materials & Instructions
• The Paper Studio 2½" x 3½" Ivory Cards (with envelopes) #961201 from Hobby Lobby
• Coordinating cardstock
• Permanent double-sided tape

Trim stitched piece to one square from stitching on all sides.

Trim cardstock to approximately 2¼" x 3¼" (that is, slightly larger than the trimmed stitched piece and slightly smaller than the card front).

Apply double-sided tape to cover one side of trimmed cardstock. Center and adhere cardstock to card front.

Apply double-sided tape to cover back of stitched piece. Center and adhere stitched piece to trimmed cardstock on card front. ❧

58 Just CrossStitch JUST-CROSSSTITCH.COM October 2023	FIND US @ www.facebook.com/JustCrossStitchMagazine
